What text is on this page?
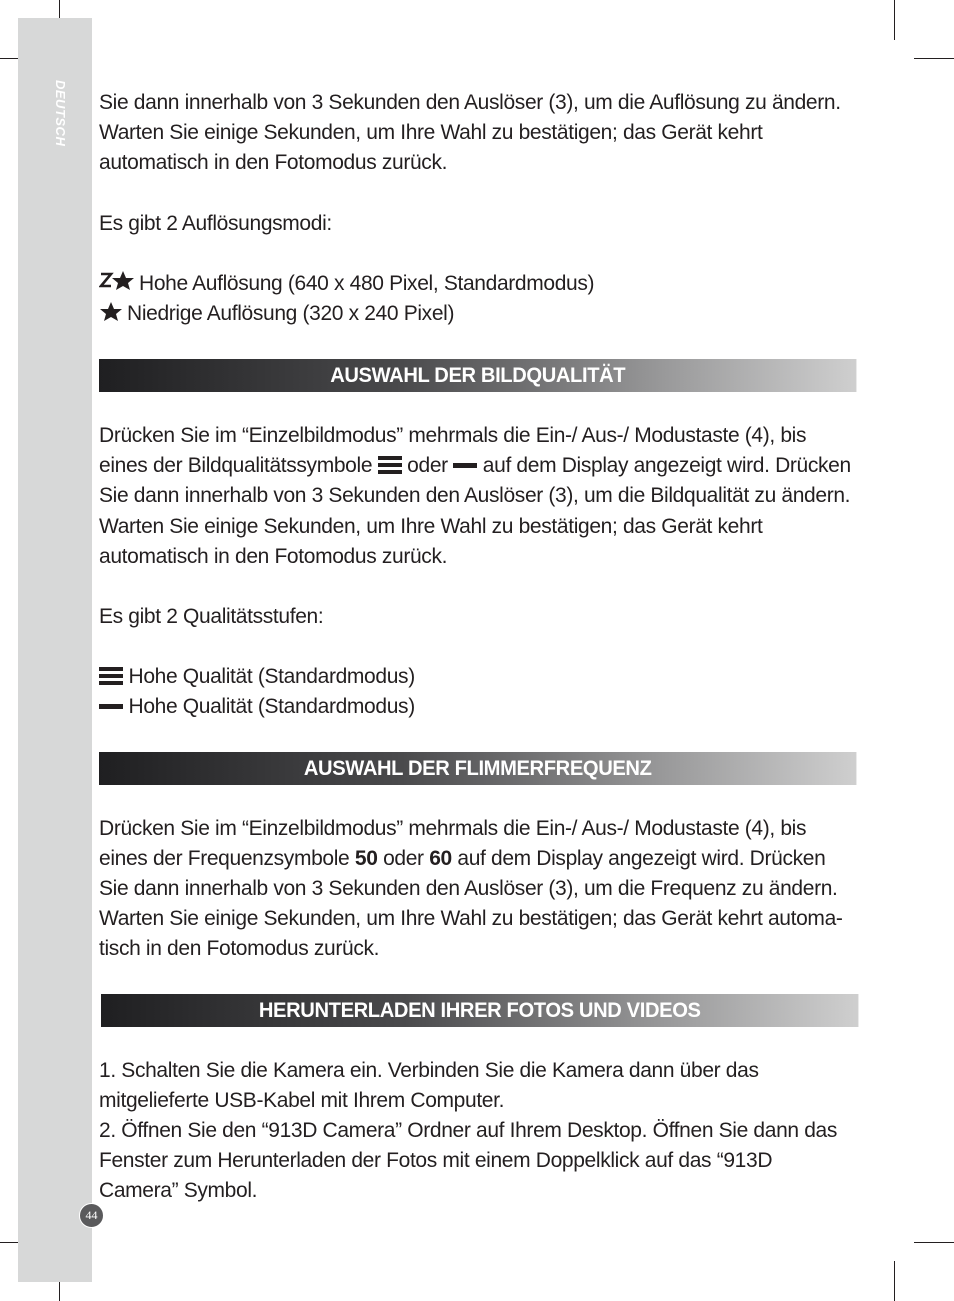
DEUTSCH
44

Sie dann innerhalb von 3 Sekunden den Auslöser (3), um die Auflösung zu ändern.

Warten Sie einige Sekunden, um Ihre Wahl zu bestätigen; das Gerät kehrt

automatisch in den Fotomodus zurück.

Es gibt 2 Auflösungsmodi:

Hohe Auflösung (640 x 480 Pixel, Standardmodus)

Niedrige Auflösung (320 x 240 Pixel)

AUSWAHL DER BILDQUALITÄT

Drücken Sie im “Einzelbildmodus” mehrmals die Ein-/ Aus-/ Modustaste (4), bis

eines der Bildqualitätssymbole oder auf dem Display angezeigt wird. Drücken

Sie dann innerhalb von 3 Sekunden den Auslöser (3), um die Bildqualität zu ändern.

Warten Sie einige Sekunden, um Ihre Wahl zu bestätigen; das Gerät kehrt

automatisch in den Fotomodus zurück.

Es gibt 2 Qualitätsstufen:

Hohe Qualität (Standardmodus)

Hohe Qualität (Standardmodus)

AUSWAHL DER FLIMMERFREQUENZ

Drücken Sie im “Einzelbildmodus” mehrmals die Ein-/ Aus-/ Modustaste (4), bis

eines der Frequenzsymbole 50 oder 60 auf dem Display angezeigt wird. Drücken

Sie dann innerhalb von 3 Sekunden den Auslöser (3), um die Frequenz zu ändern.

Warten Sie einige Sekunden, um Ihre Wahl zu bestätigen; das Gerät kehrt automa-

tisch in den Fotomodus zurück.

HERUNTERLADEN IHRER FOTOS UND VIDEOS

1. Schalten Sie die Kamera ein. Verbinden Sie die Kamera dann über das

mitgelieferte USB-Kabel mit Ihrem Computer.

2. Öffnen Sie den “913D Camera” Ordner auf Ihrem Desktop. Öffnen Sie dann das

Fenster zum Herunterladen der Fotos mit einem Doppelklick auf das “913D

Camera” Symbol.
